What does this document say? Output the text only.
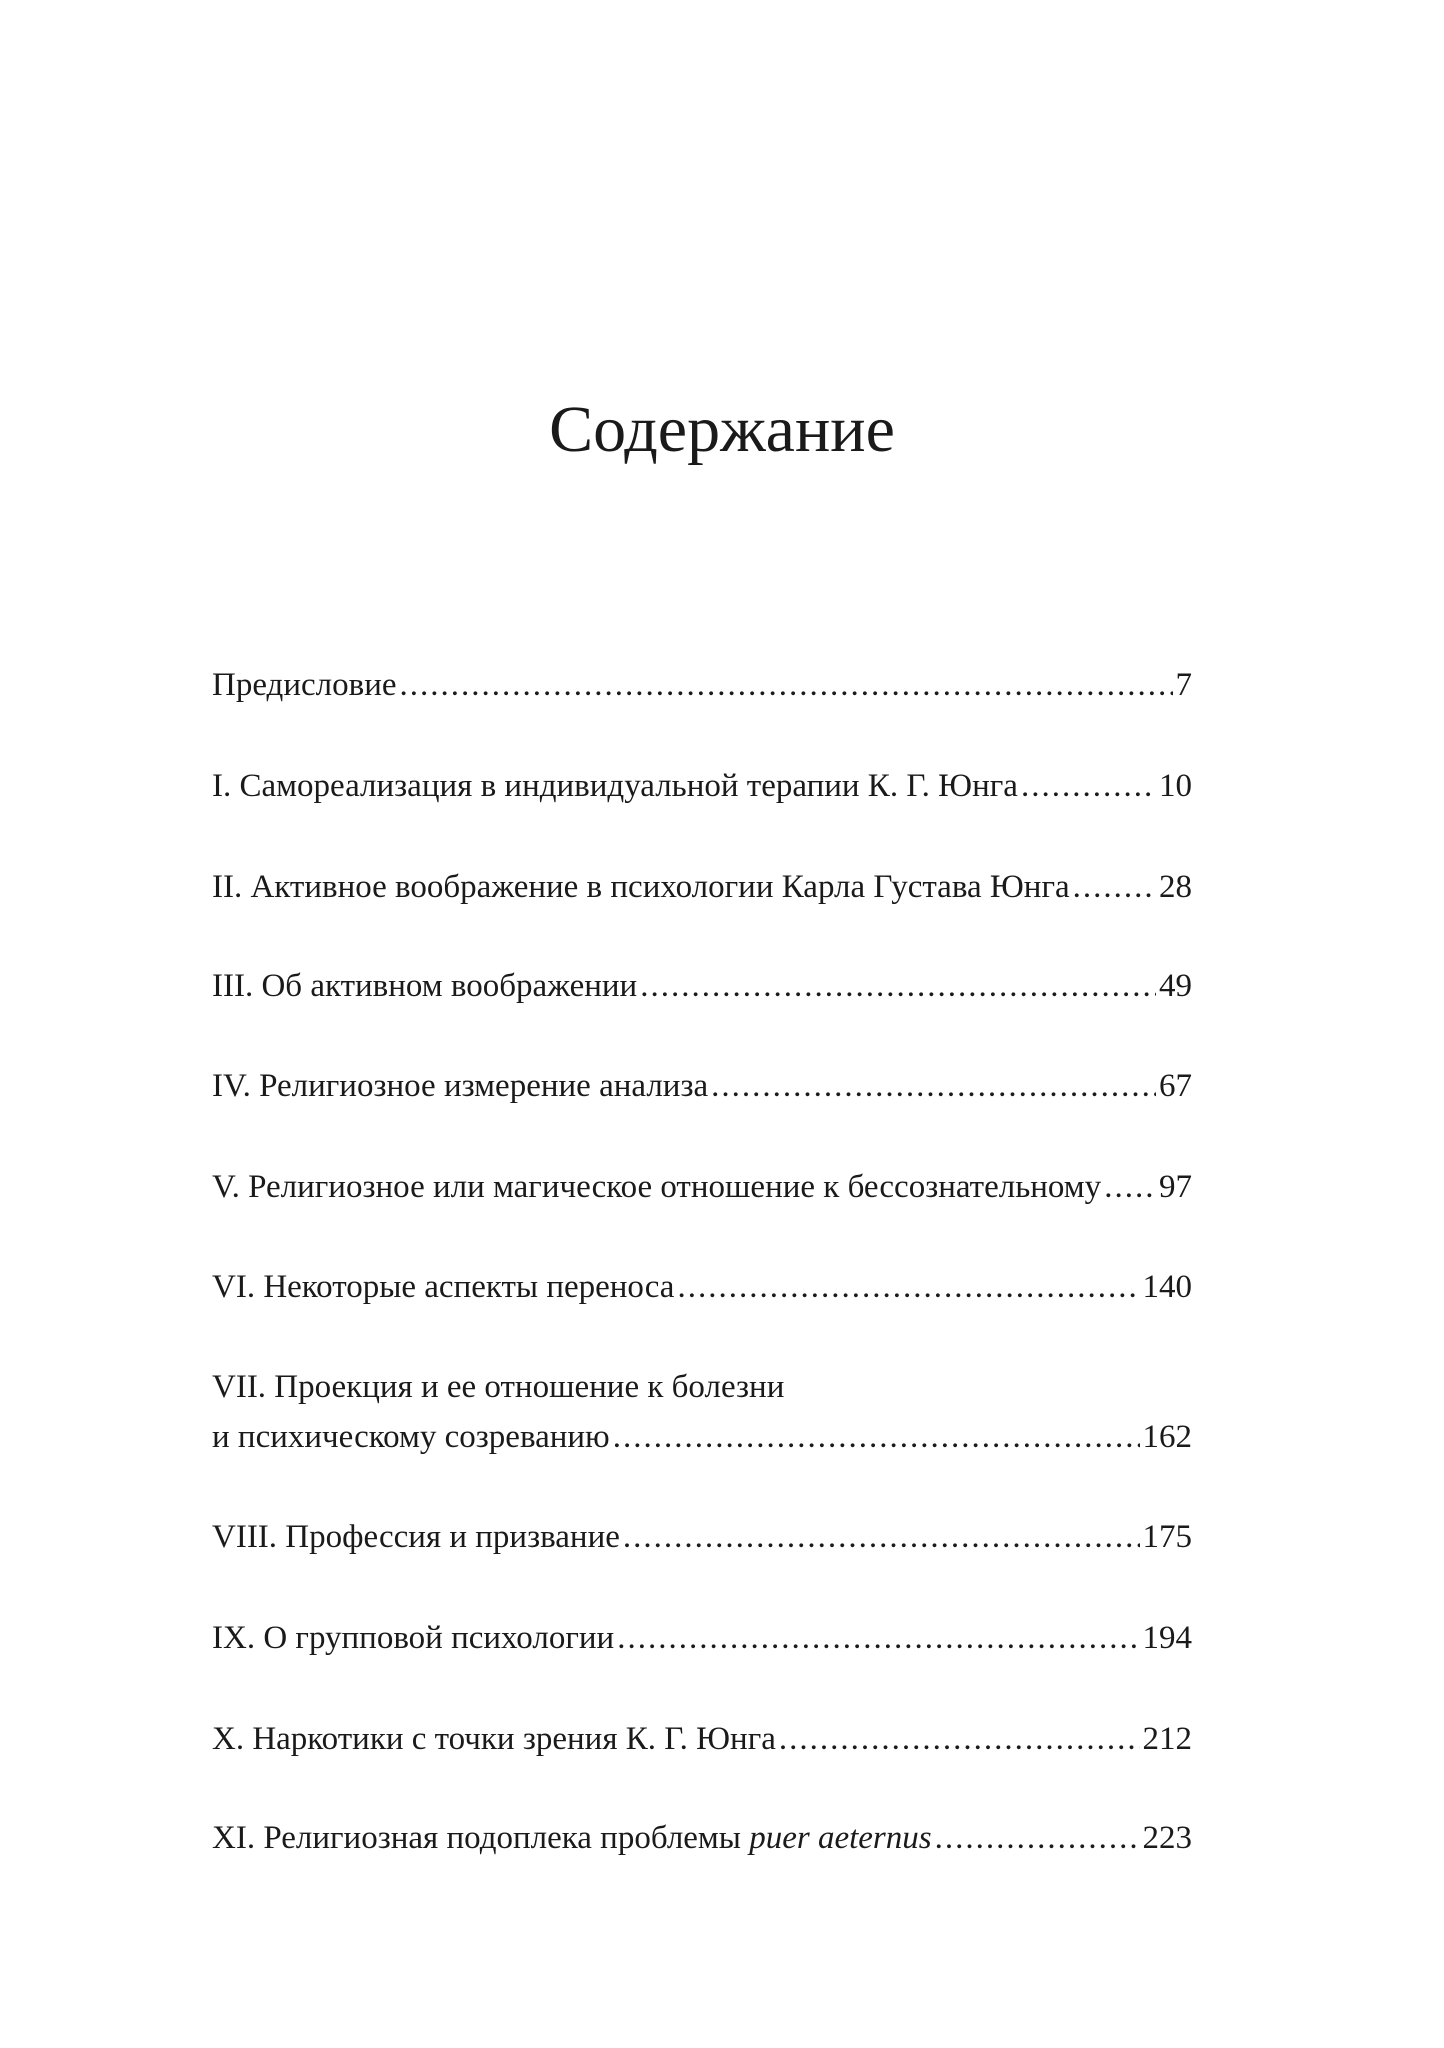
Содержание
Предисловие .....	7
I. Самореализация в индивидуальной терапии К. Г. Юнга .....	10
II. Активное воображение в психологии Карла Густава Юнга .....	28
III. Об активном воображении .....	49
IV. Религиозное измерение анализа .....	67
V. Религиозное или магическое отношение к бессознательному ..... 97
VI. Некоторые аспекты переноса .....	140
VII. Проекция и ее отношение к болезни
и психическому созреванию .....	162
VIII. Профессия и призвание .....	175
IX. О групповой психологии .....	194
X. Наркотики с точки зрения К. Г. Юнга .....	212
XI. Религиозная подоплека проблемы puer aeternus .....	223
